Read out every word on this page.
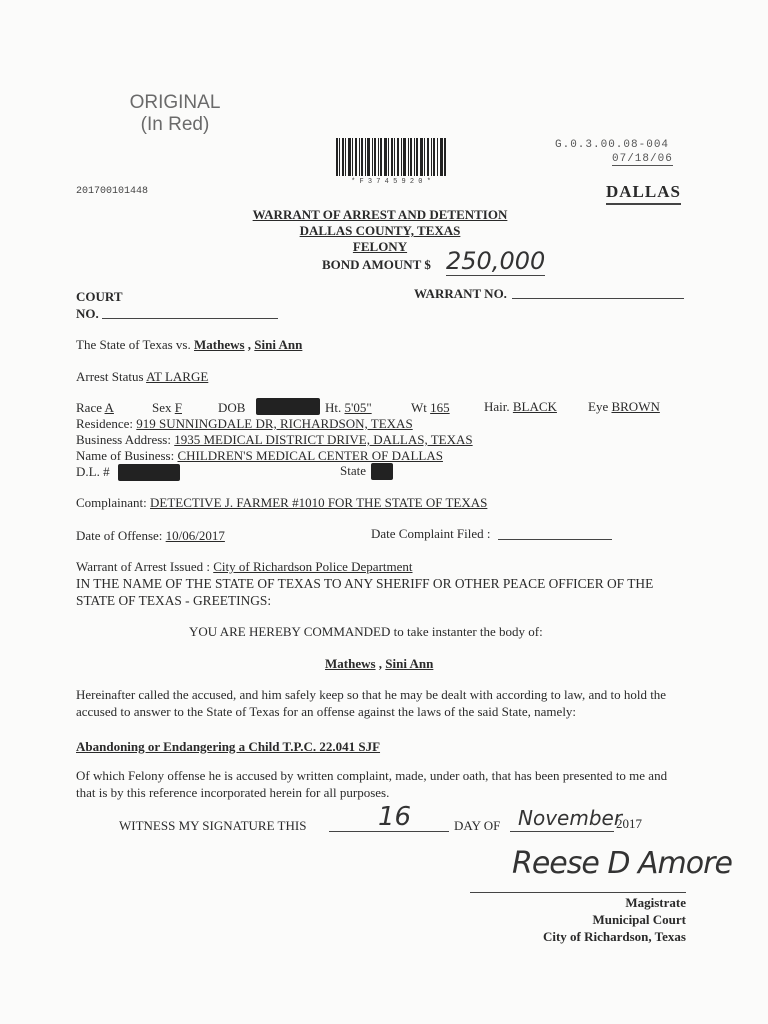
ORIGINAL
(In Red)
* F 3 7 4 5 9 2 0 *
G.0.3.00.08-004
07/18/06
201700101448	DALLAS
WARRANT OF ARREST AND DETENTION
DALLAS COUNTY, TEXAS
FELONY
BOND AMOUNT $ 250,000
COURT
NO.
WARRANT NO.
The State of Texas vs. Mathews , Sini Ann
Arrest Status AT LARGE
Race A	Sex F	DOB	Ht. 5'05"	Wt 165	Hair. BLACK Eye BROWN
Residence: 919 SUNNINGDALE DR, RICHARDSON, TEXAS
Business Address: 1935 MEDICAL DISTRICT DRIVE, DALLAS, TEXAS
Name of Business: CHILDREN'S MEDICAL CENTER OF DALLAS
D.L. #	State
Complainant: DETECTIVE J. FARMER #1010 FOR THE STATE OF TEXAS
Date of Offense: 10/06/2017	Date Complaint Filed :
Warrant of Arrest Issued : City of Richardson Police Department
IN THE NAME OF THE STATE OF TEXAS TO ANY SHERIFF OR OTHER PEACE OFFICER OF THE STATE OF TEXAS - GREETINGS:
YOU ARE HEREBY COMMANDED to take instanter the body of:
Mathews , Sini Ann
Hereinafter called the accused, and him safely keep so that he may be dealt with according to law, and to hold the accused to answer to the State of Texas for an offense against the laws of the said State, namely:
Abandoning or Endangering a Child T.P.C. 22.041 SJF
Of which Felony offense he is accused by written complaint, made, under oath, that has been presented to me and that is by this reference incorporated herein for all purposes.
WITNESS MY SIGNATURE THIS	16	DAY OF November
2017
Reese D Amore
Magistrate
Municipal Court
City of Richardson, Texas
